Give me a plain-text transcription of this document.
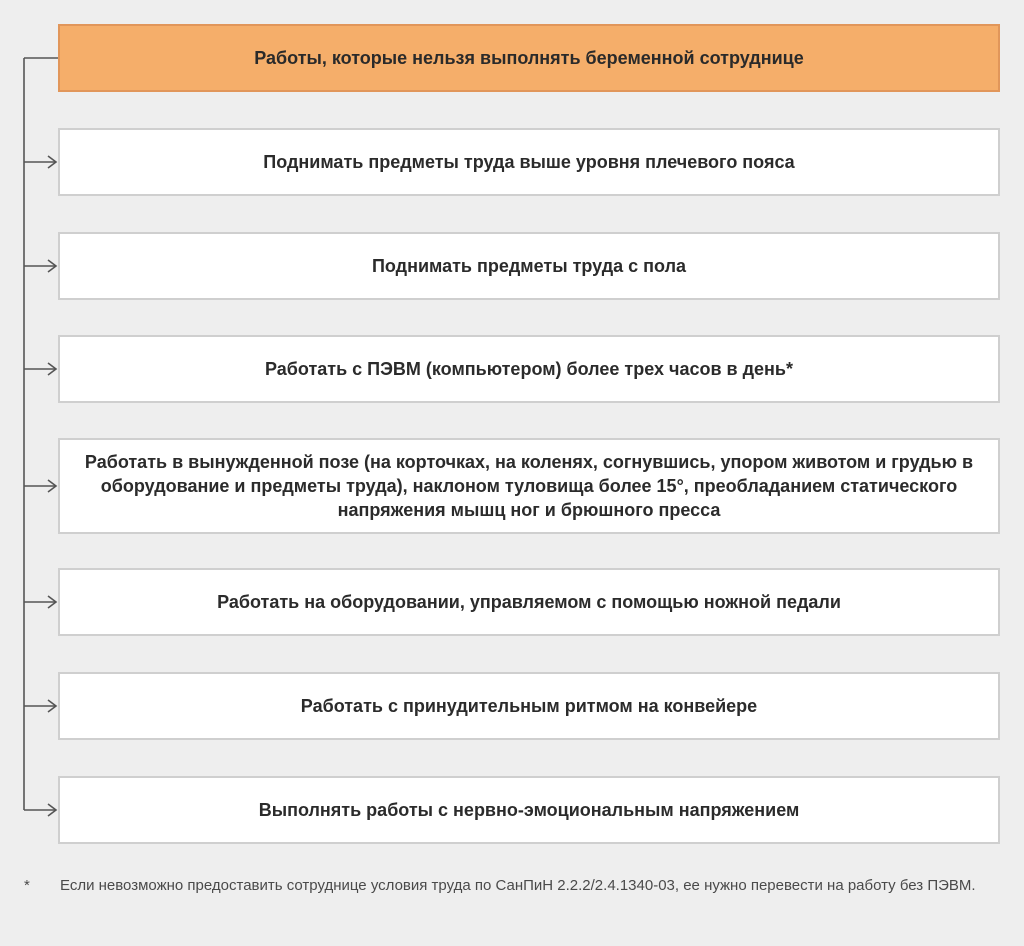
Работы, которые нельзя выполнять беременной сотруднице
Поднимать предметы труда выше уровня плечевого пояса
Поднимать предметы труда с пола
Работать с ПЭВМ (компьютером) более трех часов в день*
Работать в вынужденной позе (на корточках, на коленях, согнувшись, упором животом и грудью в оборудование и предметы труда), наклоном туловища более 15°, преобладанием статического напряжения мышц ног и брюшного пресса
Работать на оборудовании, управляемом с помощью ножной педали
Работать с принудительным ритмом на конвейере
Выполнять работы с нервно-эмоциональным напряжением
*	Если невозможно предоставить сотруднице условия труда по СанПиН 2.2.2/2.4.1340-03, ее нужно перевести на работу без ПЭВМ.
